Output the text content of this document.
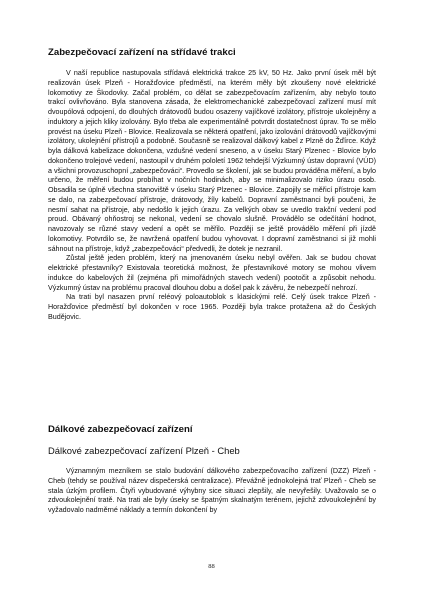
Zabezpečovací zařízení na střídavé trakci

V naší republice nastupovala střídavá elektrická trakce 25 kV, 50 Hz. Jako první úsek měl být realizován úsek Plzeň - Horažďovice předměstí, na kterém měly být zkoušeny nové elektrické lokomotivy ze Škodovky. Začal problém, co dělat se zabezpečovacím zařízením, aby nebylo touto trakcí ovlivňováno. Byla stanovena zásada, že elektromechanické zabezpečovací zařízení musí mít dvoupólová odpojení, do dlouhých drátovodů budou osazeny vajíčkové izolátory, přístroje ukolejněny a induktory a jejich kliky izolovány. Bylo třeba ale experimentálně potvrdit dostatečnost úprav. To se mělo provést na úseku Plzeň - Blovice. Realizovala se některá opatření, jako izolování drátovodů vajíčkovými izolátory, ukolejnění přístrojů a podobně. Současně se realizoval dálkový kabel z Plzně do Žďírce. Když byla dálková kabelizace dokončena, vzdušné vedení sneseno, a v úseku Starý Plzenec - Blovice bylo dokončeno trolejové vedení, nastoupil v druhém pololetí 1962 tehdejší Výzkumný ústav dopravní (VÚD) a všichni provozuschopní „zabezpečováci“. Provedlo se školení, jak se budou prováděna měření, a bylo určeno, že měření budou probíhat v nočních hodinách, aby se minimalizovalo riziko úrazu osob. Obsadila se úplně všechna stanoviště v úseku Starý Plzenec - Blovice. Zapojily se měřicí přístroje kam se dalo, na zabezpečovací přístroje, drátovody, žíly kabelů. Dopravní zaměstnanci byli poučeni, že nesmí sahat na přístroje, aby nedošlo k jejich úrazu. Za velkých obav se uvedlo trakční vedení pod proud. Obávaný ohňostroj se nekonal, vedení se chovalo slušně. Provádělo se odečítání hodnot, navozovaly se různé stavy vedení a opět se měřilo. Později se ještě provádělo měření při jízdě lokomotivy. Potvrdilo se, že navržená opatření budou vyhovovat. I dopravní zaměstnanci si již mohli sáhnout na přístroje, když „zabezpečováci“ předvedli, že dotek je nezranil.

Zůstal ještě jeden problém, který na jmenovaném úseku nebyl ověřen. Jak se budou chovat elektrické přestavníky? Existovala teoretická možnost, že přestavníkové motory se mohou vlivem indukce do kabelových žil (zejména při mimořádných stavech vedení) pootočit a způsobit nehodu. Výzkumný ústav na problému pracoval dlouhou dobu a došel pak k závěru, že nebezpečí nehrozí.

Na trati byl nasazen první reléový poloautoblok s klasickými relé. Celý úsek trakce Plzeň - Horažďovice předměstí byl dokončen v roce 1965. Později byla trakce protažena až do Českých Budějovic.

Dálkové zabezpečovací zařízení
Dálkové zabezpečovací zařízení Plzeň - Cheb

Významným mezníkem se stalo budování dálkového zabezpečovacího zařízení (DZZ) Plzeň - Cheb (tehdy se používal název dispečerská centralizace). Převážně jednokolejná trať Plzeň - Cheb se stala úzkým profilem. Čtyři vybudované výhybny sice situaci zlepšily, ale nevyřešily. Uvažovalo se o zdvoukolejnění tratě. Na trati ale byly úseky se špatným skalnatým terénem, jejichž zdvoukolejnění by vyžadovalo nadměrné náklady a termín dokončení by

88
